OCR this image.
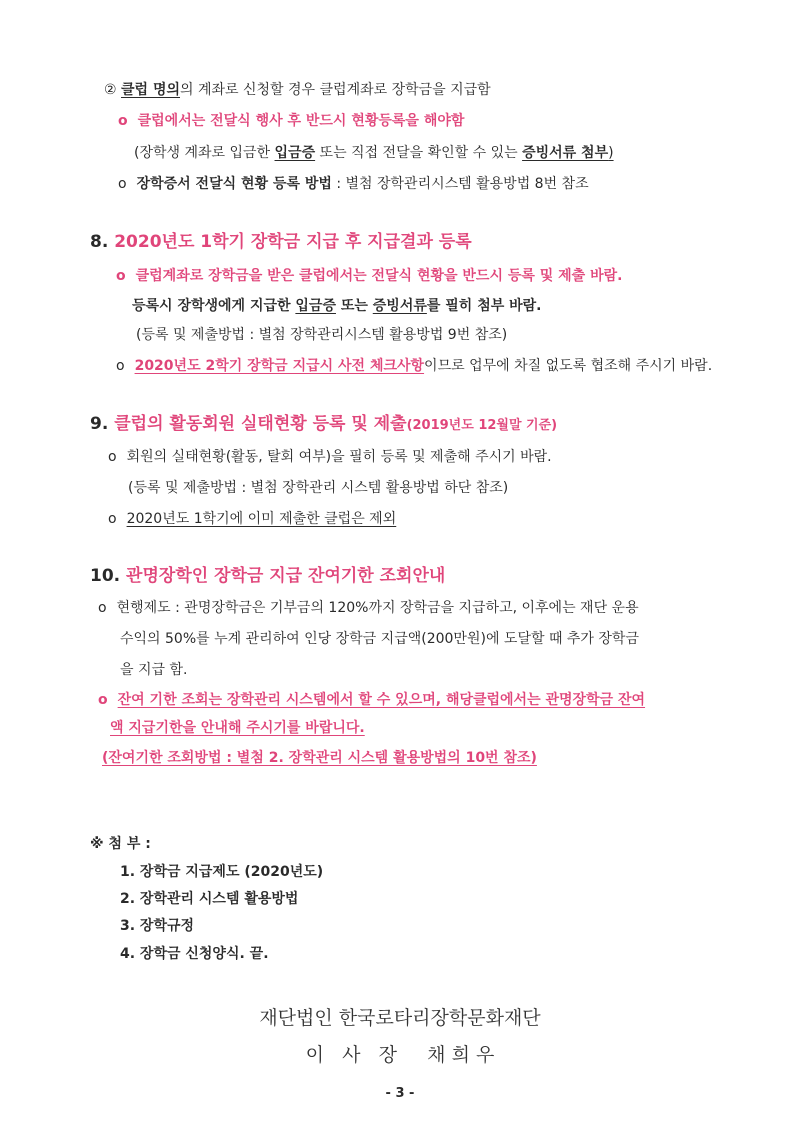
② 클럽 명의의 계좌로 신청할 경우 클럽계좌로 장학금을 지급함
o 클럽에서는 전달식 행사 후 반드시 현황등록을 해야함
(장학생 계좌로 입금한 입금증 또는 직접 전달을 확인할 수 있는 증빙서류 첨부)
o 장학증서 전달식 현황 등록 방법 : 별첨 장학관리시스템 활용방법 8번 참조
8. 2020년도 1학기 장학금 지급 후 지급결과 등록
o 클럽계좌로 장학금을 받은 클럽에서는 전달식 현황을 반드시 등록 및 제출 바람.
등록시 장학생에게 지급한 입금증 또는 증빙서류를 필히 첨부 바람.
(등록 및 제출방법 : 별첨 장학관리시스템 활용방법 9번 참조)
o 2020년도 2학기 장학금 지급시 사전 체크사항이므로 업무에 차질 없도록 협조해 주시기 바람.
9. 클럽의 활동회원 실태현황 등록 및 제출(2019년도 12월말 기준)
o 회원의 실태현황(활동, 탈회 여부)을 필히 등록 및 제출해 주시기 바람.
(등록 및 제출방법 : 별첨 장학관리 시스템 활용방법 하단 참조)
o 2020년도 1학기에 이미 제출한 클럽은 제외
10. 관명장학인 장학금 지급 잔여기한 조회안내
o 현행제도 : 관명장학금은 기부금의 120%까지 장학금을 지급하고, 이후에는 재단 운용
수익의 50%를 누계 관리하여 인당 장학금 지급액(200만원)에 도달할 때 추가 장학금
을 지급 함.
o 잔여 기한 조회는 장학관리 시스템에서 할 수 있으며, 해당클럽에서는 관명장학금 잔여
액 지급기한을 안내해 주시기를 바랍니다.
(잔여기한 조회방법 : 별첨 2. 장학관리 시스템 활용방법의 10번 참조)
※ 첨 부 :
1. 장학금 지급제도 (2020년도)
2. 장학관리 시스템 활용방법
3. 장학규정
4. 장학금 신청양식. 끝.
재단법인 한국로타리장학문화재단
이   사   장     채 희 우
- 3 -
